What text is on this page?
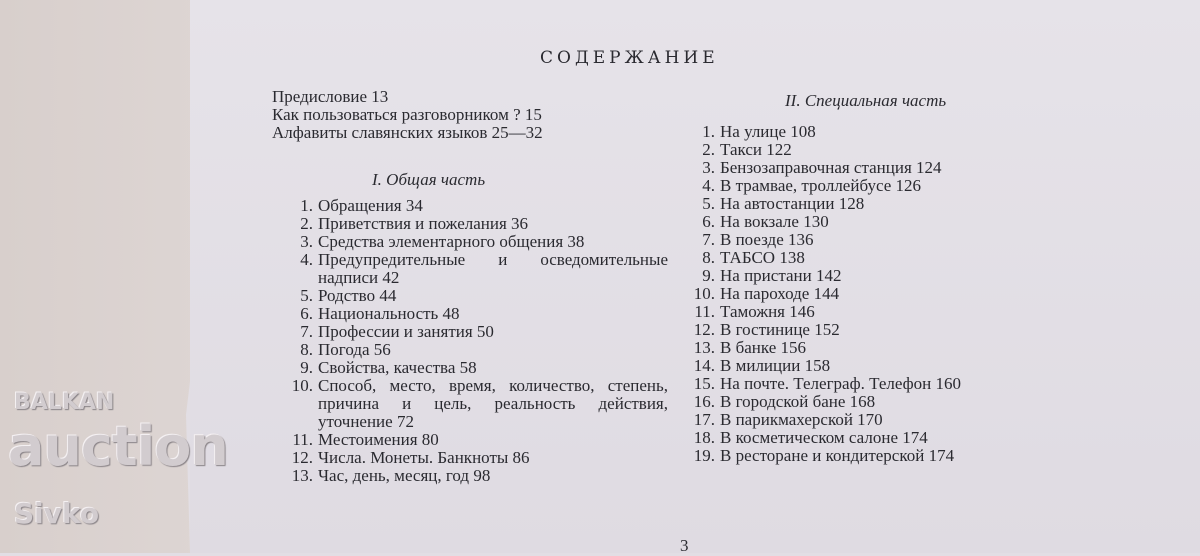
СОДЕРЖАНИЕ
Предисловие 13
Как пользоваться разговорником ? 15
Алфавиты славянских языков 25—32
I. Общая часть
1. Обращения 34
2. Приветствия и пожелания 36
3. Средства элементарного общения 38
4. Предупредительные и осведомительные надписи 42
5. Родство 44
6. Национальность 48
7. Профессии и занятия 50
8. Погода 56
9. Свойства, качества 58
10. Способ, место, время, количество, степень, причина и цель, реальность действия, уточнение 72
11. Местоимения 80
12. Числа. Монеты. Банкноты 86
13. Час, день, месяц, год 98
II. Специальная часть
1. На улице 108
2. Такси 122
3. Бензозаправочная станция 124
4. В трамвае, троллейбусе 126
5. На автостанции 128
6. На вокзале 130
7. В поезде 136
8. ТАБСО 138
9. На пристани 142
10. На пароходе 144
11. Таможня 146
12. В гостинице 152
13. В банке 156
14. В милиции 158
15. На почте. Телеграф. Телефон 160
16. В городской бане 168
17. В парикмахерской 170
18. В косметическом салоне 174
19. В ресторане и кондитерской 174
3
BALKAN
auction
Sivko
